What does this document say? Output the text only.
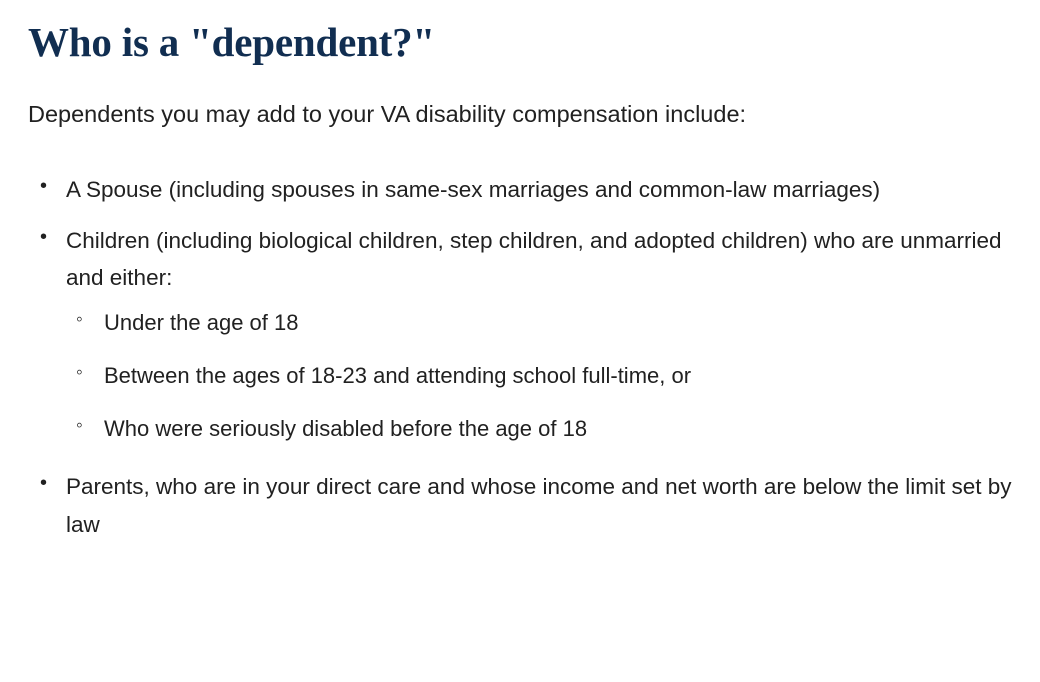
Who is a "dependent?"

Dependents you may add to your VA disability compensation include:

• A Spouse (including spouses in same-sex marriages and common-law marriages)
• Children (including biological children, step children, and adopted children) who are unmarried and either:
◦ Under the age of 18
◦ Between the ages of 18-23 and attending school full-time, or
◦ Who were seriously disabled before the age of 18
• Parents, who are in your direct care and whose income and net worth are below the limit set by law
